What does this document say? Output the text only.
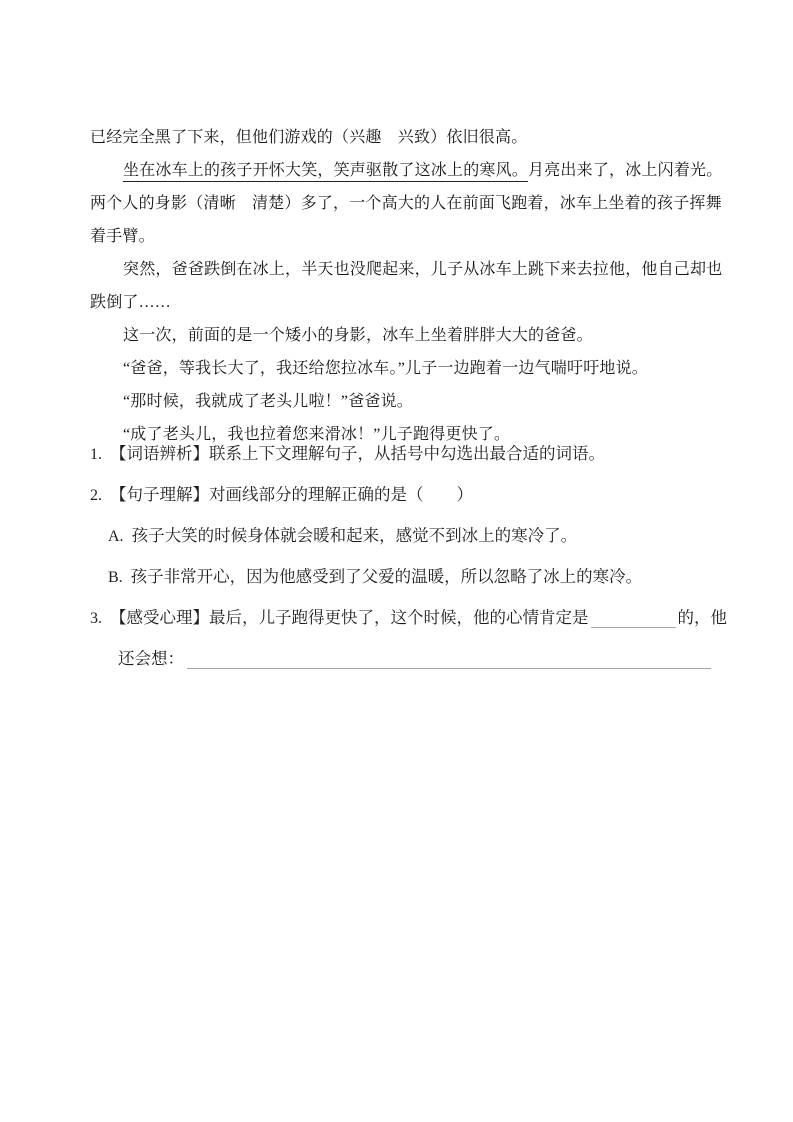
已经完全黑了下来，但他们游戏的（兴趣　兴致）依旧很高。
坐在冰车上的孩子开怀大笑，笑声驱散了这冰上的寒风。月亮出来了，冰上闪着光。
两个人的身影（清晰　清楚）多了，一个高大的人在前面飞跑着，冰车上坐着的孩子挥舞
着手臂。
突然，爸爸跌倒在冰上，半天也没爬起来，儿子从冰车上跳下来去拉他，他自己却也
跌倒了……
这一次，前面的是一个矮小的身影，冰车上坐着胖胖大大的爸爸。
“爸爸，等我长大了，我还给您拉冰车。”儿子一边跑着一边气喘吁吁地说。
“那时候，我就成了老头儿啦！”爸爸说。
“成了老头儿，我也拉着您来滑冰！”儿子跑得更快了。
1. 【词语辨析】联系上下文理解句子，从括号中勾选出最合适的词语。
2. 【句子理解】对画线部分的理解正确的是（　　）
A. 孩子大笑的时候身体就会暖和起来，感觉不到冰上的寒冷了。
B. 孩子非常开心，因为他感受到了父爱的温暖，所以忽略了冰上的寒冷。
3. 【感受心理】最后，儿子跑得更快了，这个时候，他的心情肯定是	的，他
还会想：
